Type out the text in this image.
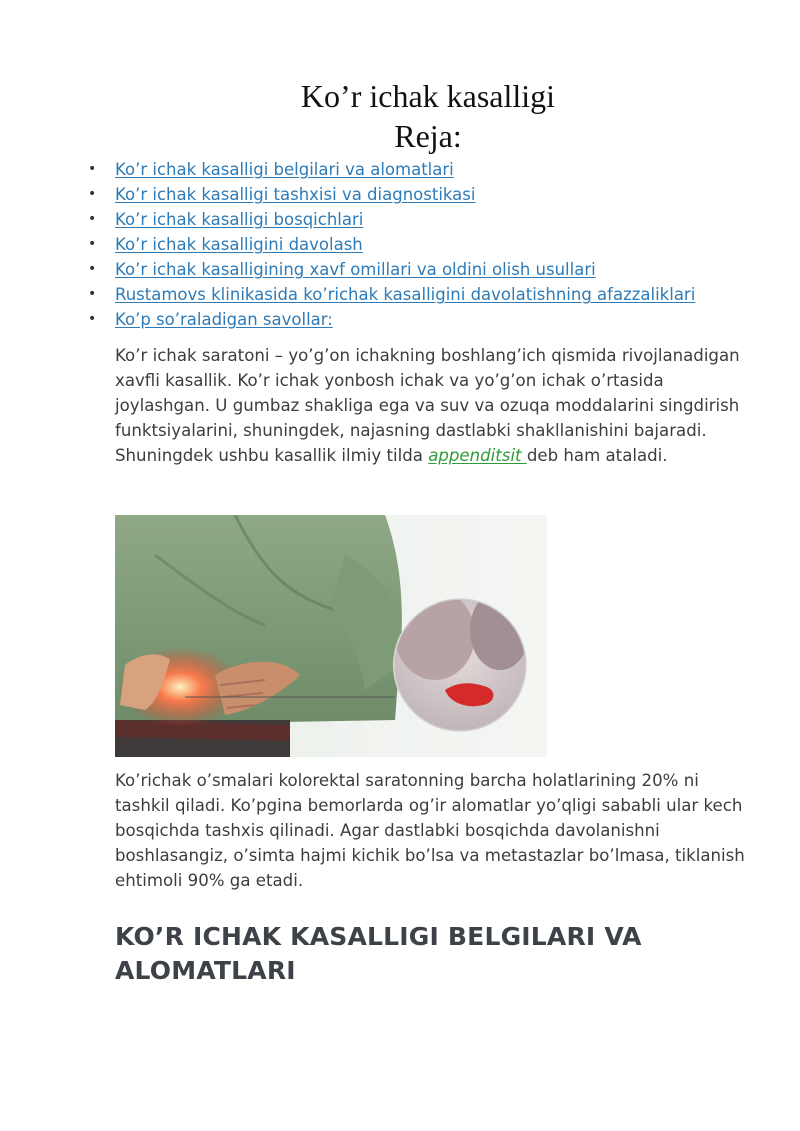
Ko’r ichak kasalligi
Reja:
• Ko’r ichak kasalligi belgilari va alomatlari
• Ko’r ichak kasalligi tashxisi va diagnostikasi
• Ko’r ichak kasalligi bosqichlari
• Ko’r ichak kasalligini davolash
• Ko’r ichak kasalligining xavf omillari va oldini olish usullari
• Rustamovs klinikasida ko’richak kasalligini davolatishning afazzaliklari
• Ko’p so’raladigan savollar:

Ko’r ichak saratoni – yo’g’on ichakning boshlang’ich qismida rivojlanadigan xavfli kasallik. Ko’r ichak yonbosh ichak va yo’g’on ichak o’rtasida joylashgan. U gumbaz shakliga ega va suv va ozuqa moddalarini singdirish funktsiyalarini, shuningdek, najasning dastlabki shakllanishini bajaradi. Shuningdek ushbu kasallik ilmiy tilda appenditsit deb ham ataladi.

Ko’richak o’smalari kolorektal saratonning barcha holatlarining 20% ni tashkil qiladi. Ko’pgina bemorlarda og’ir alomatlar yo’qligi sababli ular kech bosqichda tashxis qilinadi. Agar dastlabki bosqichda davolanishni boshlasangiz, o’simta hajmi kichik bo’lsa va metastazlar bo’lmasa, tiklanish ehtimoli 90% ga etadi.

KO’R ICHAK KASALLIGI BELGILARI VA ALOMATLARI
